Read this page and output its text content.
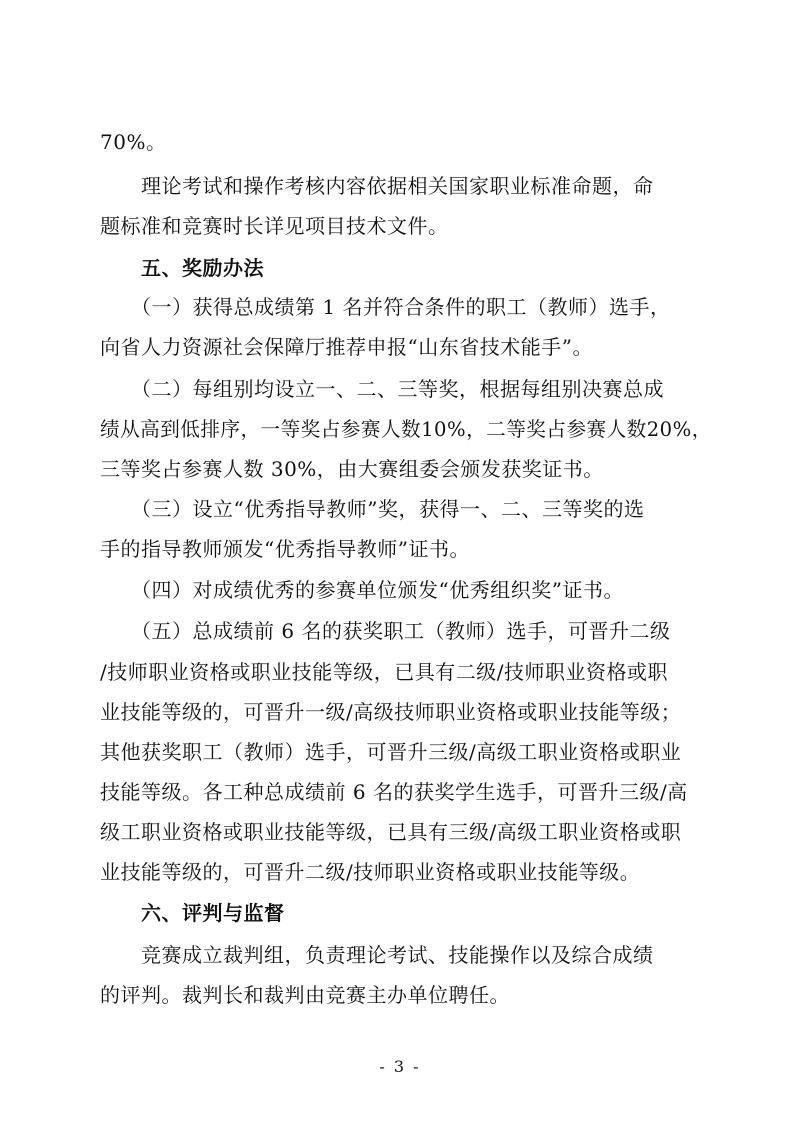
70%。
　　理论考试和操作考核内容依据相关国家职业标准命题，命
题标准和竞赛时长详见项目技术文件。
　　五、奖励办法
　　（一）获得总成绩第 1 名并符合条件的职工（教师）选手，
向省人力资源社会保障厅推荐申报“山东省技术能手”。
　　（二）每组别均设立一、二、三等奖，根据每组别决赛总成
绩从高到低排序，一等奖占参赛人数10%，二等奖占参赛人数20%，
三等奖占参赛人数 30%，由大赛组委会颁发获奖证书。
　　（三）设立“优秀指导教师”奖，获得一、二、三等奖的选
手的指导教师颁发“优秀指导教师”证书。
　　（四）对成绩优秀的参赛单位颁发“优秀组织奖”证书。
　　（五）总成绩前 6 名的获奖职工（教师）选手，可晋升二级
/技师职业资格或职业技能等级，已具有二级/技师职业资格或职
业技能等级的，可晋升一级/高级技师职业资格或职业技能等级；
其他获奖职工（教师）选手，可晋升三级/高级工职业资格或职业
技能等级。各工种总成绩前 6 名的获奖学生选手，可晋升三级/高
级工职业资格或职业技能等级，已具有三级/高级工职业资格或职
业技能等级的，可晋升二级/技师职业资格或职业技能等级。
　　六、评判与监督
　　竞赛成立裁判组，负责理论考试、技能操作以及综合成绩
的评判。裁判长和裁判由竞赛主办单位聘任。
- 3 -
